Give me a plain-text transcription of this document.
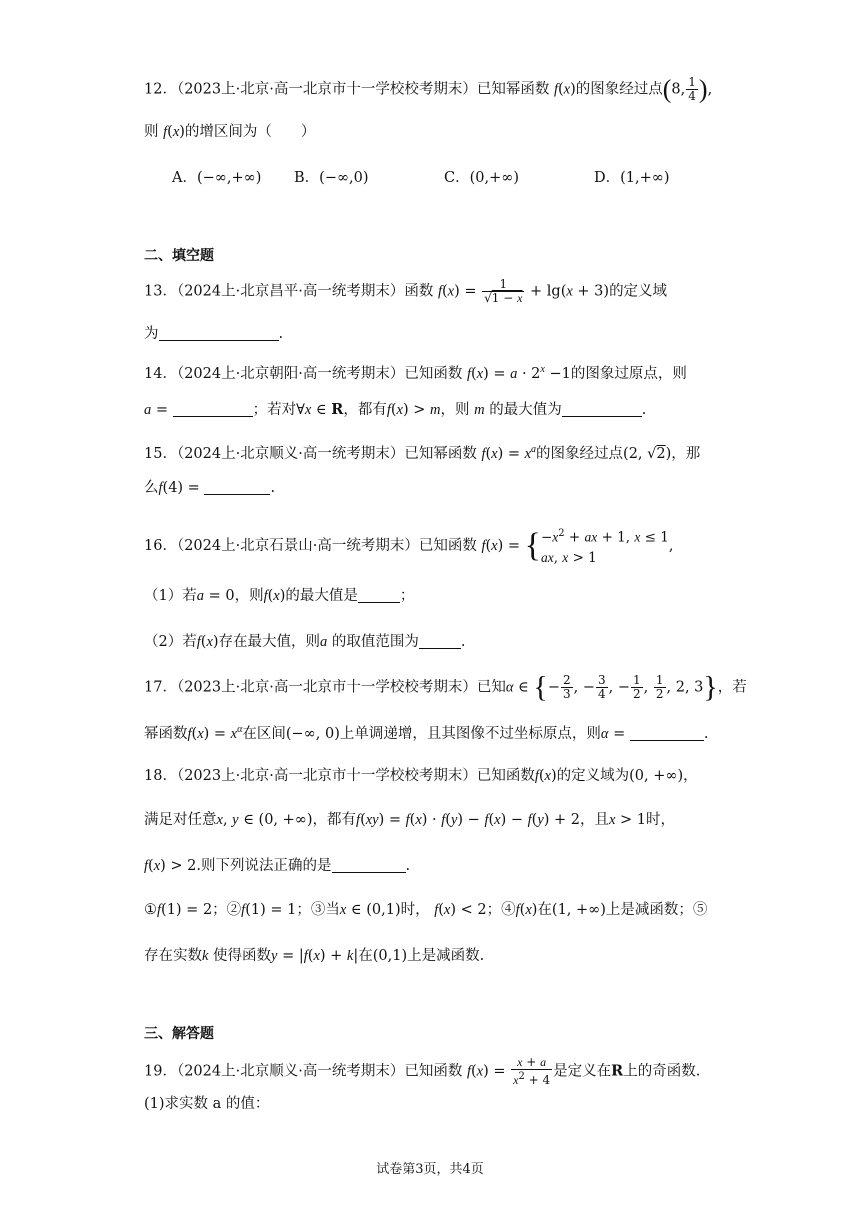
12．（2023上·北京·高一北京市十一学校校考期末）已知幂函数 f(x)的图象经过点(8, $\frac{1}{4}$ ),
则 f(x)的增区间为（　　）
A．(−∞,+∞) B．(−∞,0)	C．(0,+∞)	D．(1,+∞)
二、填空题
13．（2024上·北京昌平·高一统考期末）函数 $f(x) = \frac{1}{√1 - x} + \lg(x + 3)$的定义域
为	.
14．（2024上·北京朝阳·高一统考期末）已知函数 $f(x) = a \cdot 2^x -1$的图象过原点，则
a =	；若对∀x ∈ R，都有f(x) > m，则 m 的最大值为	.
15．（2024上·北京顺义·高一统考期末）已知幂函数 $f(x) = x^a$的图象经过点(2, √2)，那
么f(4) =	.
16．（2024上·北京石景山·高一统考期末）已知函数 f(x) = { $-x^2$ + ax + 1, x ≤ 1
ax, x > 1
,
（1）若a = 0，则f(x)的最大值是	；
（2）若f(x)存在最大值，则a 的取值范围为	.
17．（2023上·北京·高一北京市十一学校校考期末）已知α ∈ {− $\frac{2}{3}$ , − $\frac{3}{4}$ , − $\frac{1}{2}$ , $\frac{1}{2}$ , 2, 3}，若
幂函数$f(x) = x^\alpha$在区间(−∞, 0)上单调递增，且其图像不过坐标原点，则α =	.
18．（2023上·北京·高一北京市十一学校校考期末）已知函数f(x)的定义域为(0, +∞)，
满足对任意x, y ∈ (0, +∞)，都有f(xy) = f(x) · f(y) − f(x) − f(y) + 2，且x > 1时，
f(x) > 2.则下列说法正确的是	.
①f(1) = 2；②f(1) = 1；③当x ∈ (0,1)时， f(x) < 2；④f(x)在(1, +∞)上是减函数；⑤
存在实数k 使得函数y = |f(x) + k|在(0,1)上是减函数.
三、解答题
19．（2024上·北京顺义·高一统考期末）已知函数 $f(x) = \frac{x + a}{x^2 + 4}$ 是定义在R上的奇函数.
(1)求实数 a 的值：
试卷第3页，共4页
